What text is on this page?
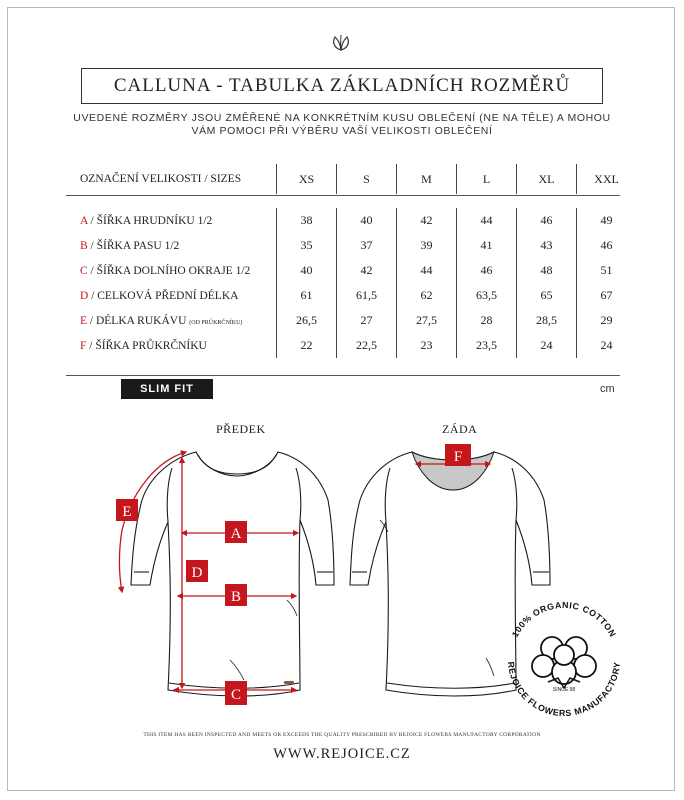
CALLUNA - TABULKA ZÁKLADNÍCH ROZMĚRŮ
UVEDENÉ ROZMĚRY JSOU ZMĚŘENÉ NA KONKRÉTNÍM KUSU OBLEČENÍ (NE NA TĚLE) A MOHOU
VÁM POMOCI PŘI VÝBĚRU VAŠÍ VELIKOSTI OBLEČENÍ
OZNAČENÍ VELIKOSTI / SIZES	XS	S	M	L	XL	XXL

A / ŠÍŘKA HRUDNÍKU 1/2	38	40	42	44	46	49
B / ŠÍŘKA PASU 1/2	35	37	39	41	43	46
C / ŠÍŘKA DOLNÍHO OKRAJE 1/2	40	42	44	46	48	51
D / CELKOVÁ PŘEDNÍ DÉLKA	61	61,5	62	63,5	65	67
E / DÉLKA RUKÁVU (OD PRŮKRČNÍKU)	26,5	27	27,5	28	28,5	29
F / ŠÍŘKA PRŮKRČNÍKU	22	22,5	23	23,5	24	24
SLIM FIT	cm
PŘEDEK	ZÁDA
A
B
C
D
E
F
100% ORGANIC COTTON
REJOICE FLOWERS MANUFACTORY
SINCE 98
THIS ITEM HAS BEEN INSPECTED AND MEETS OR EXCEEDS THE QUALITY PRESCRIBED BY REJOICE FLOWERS MANUFACTORY CORPORATION
WWW.REJOICE.CZ
